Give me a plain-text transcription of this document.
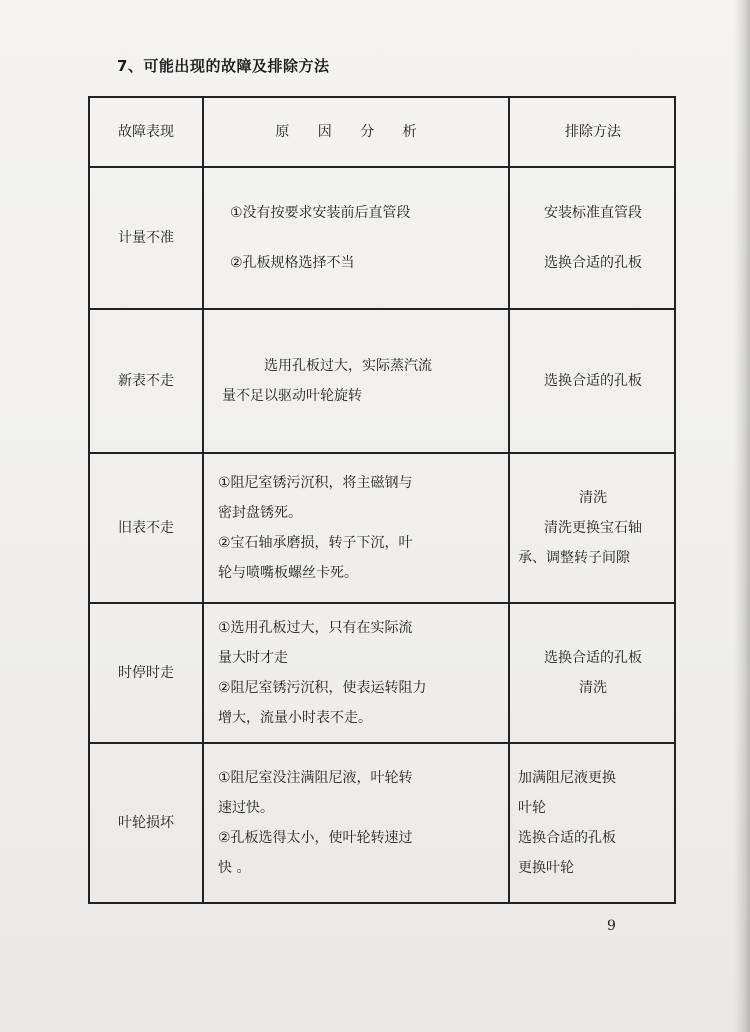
7、可能出现的故障及排除方法
故障表现	原 因 分 析	排除方法
计量不准	①没有按要求安装前后直管段
②孔板规格选择不当	安装标准直管段
选换合适的孔板

新表不走	选用孔板过大，实际蒸汽流
量不足以驱动叶轮旋转	选换合适的孔板

旧表不走	①阻尼室锈污沉积，将主磁钢与
密封盘锈死。
②宝石轴承磨损，转子下沉，叶
轮与喷嘴板螺丝卡死。	清洗
清洗更换宝石轴
承、调整转子间隙

时停时走	①选用孔板过大，只有在实际流
量大时才走
②阻尼室锈污沉积，使表运转阻力
增大，流量小时表不走。	选换合适的孔板
清洗

叶轮损坏	①阻尼室没注满阻尼液，叶轮转
速过快。
②孔板选得太小，使叶轮转速过
快 。	加满阻尼液更换
叶轮
选换合适的孔板
更换叶轮
9
